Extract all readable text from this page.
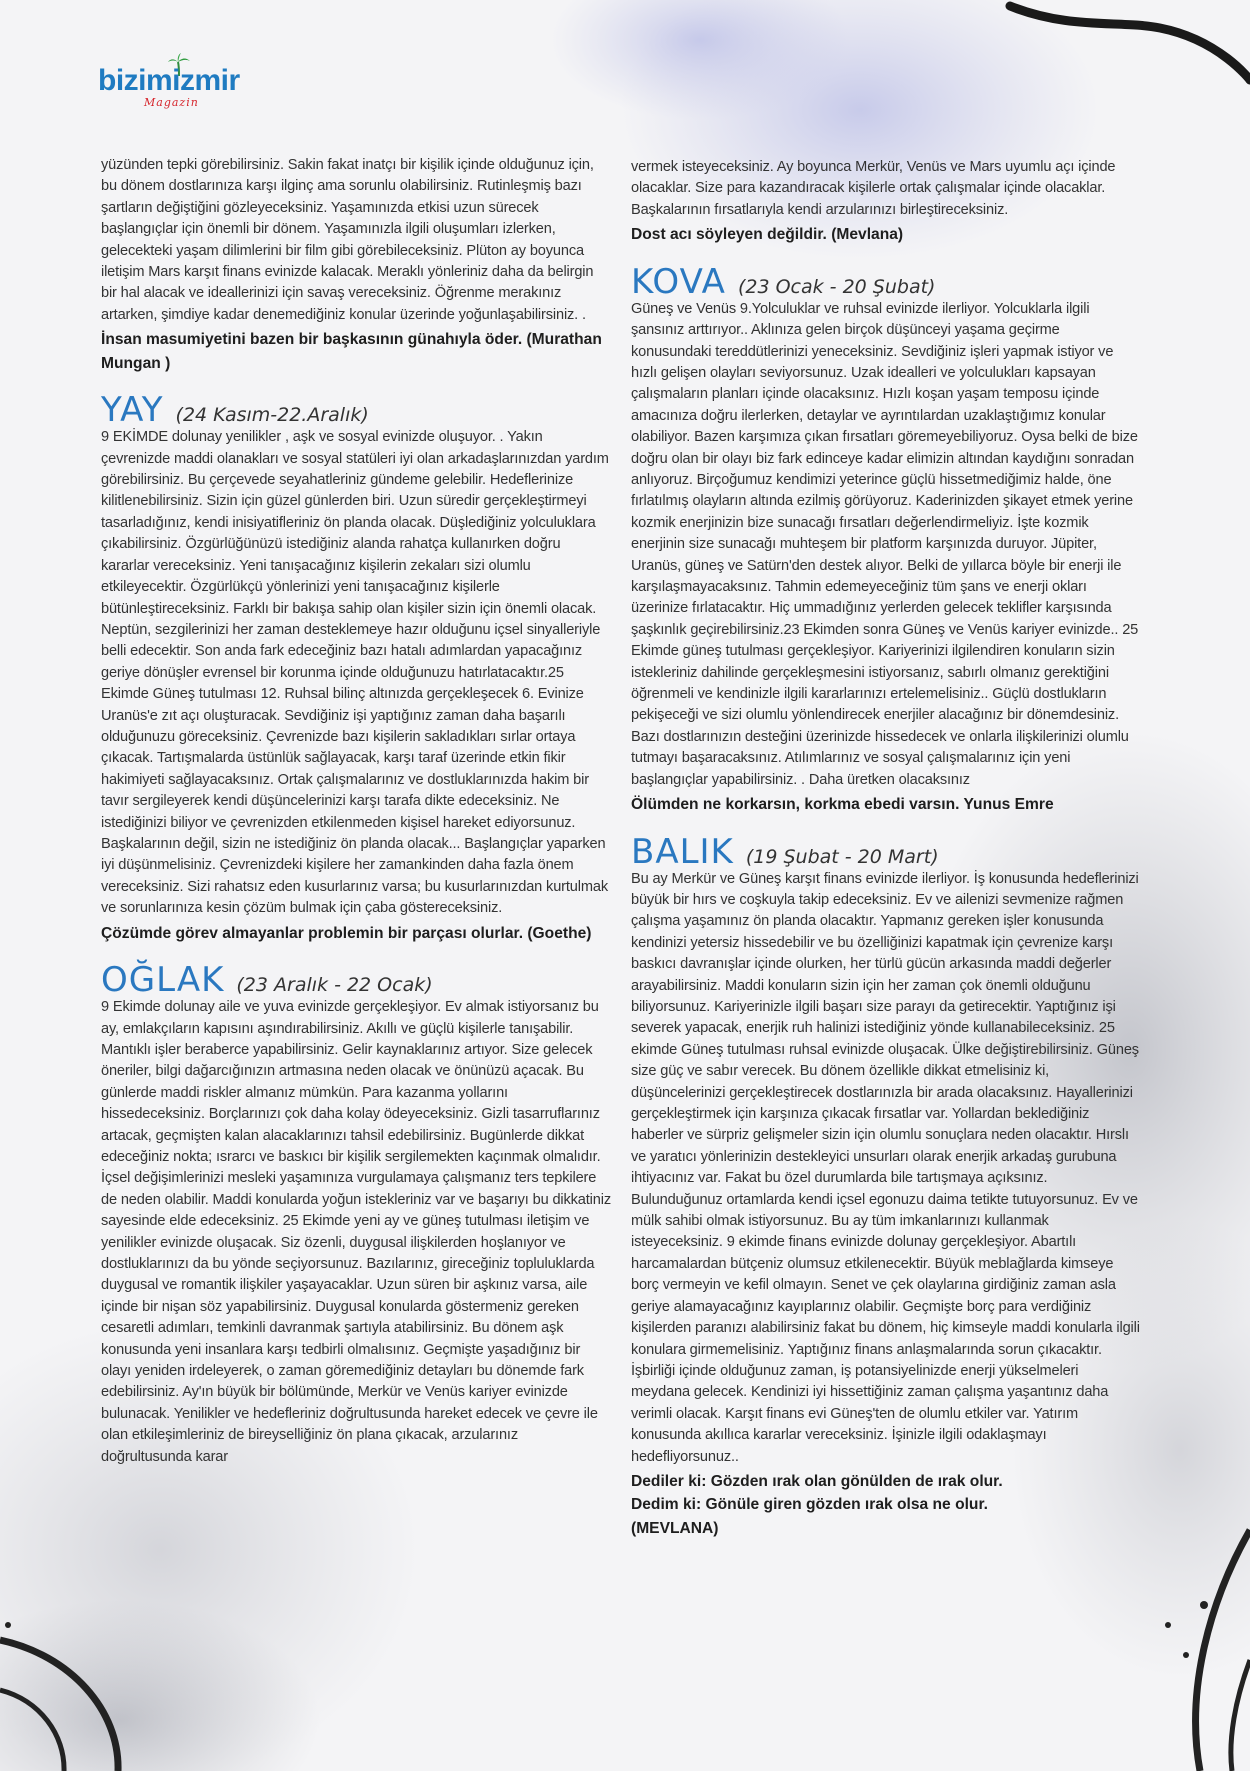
bizimizmir
Magazin

yüzünden tepki görebilirsiniz. Sakin fakat inatçı bir kişilik içinde olduğunuz için, bu dönem dostlarınıza karşı ilginç ama sorunlu olabilirsiniz. Rutinleşmiş bazı şartların değiştiğini gözleyeceksiniz. Yaşamınızda etkisi uzun sürecek başlangıçlar için önemli bir dönem. Yaşamınızla ilgili oluşumları izlerken, gelecekteki yaşam dilimlerini bir film gibi görebileceksiniz. Plüton ay boyunca iletişim Mars karşıt finans evinizde kalacak. Meraklı yönleriniz daha da belirgin bir hal alacak ve ideallerinizi için savaş vereceksiniz. Öğrenme merakınız artarken, şimdiye kadar denemediğiniz konular üzerinde yoğunlaşabilirsiniz. .

İnsan masumiyetini bazen bir başkasının günahıyla öder. (Murathan Mungan )

YAY (24 Kasım-22.Aralık)

9 EKİMDE dolunay yenilikler , aşk ve sosyal evinizde oluşuyor. . Yakın çevrenizde maddi olanakları ve sosyal statüleri iyi olan arkadaşlarınızdan yardım görebilirsiniz. Bu çerçevede seyahatleriniz gündeme gelebilir. Hedeflerinize kilitlenebilirsiniz. Sizin için güzel günlerden biri. Uzun süredir gerçekleştirmeyi tasarladığınız, kendi inisiyatifleriniz ön planda olacak. Düşlediğiniz yolculuklara çıkabilirsiniz. Özgürlüğünüzü istediğiniz alanda rahatça kullanırken doğru kararlar vereceksiniz. Yeni tanışacağınız kişilerin zekaları sizi olumlu etkileyecektir. Özgürlükçü yönlerinizi yeni tanışacağınız kişilerle bütünleştireceksiniz. Farklı bir bakışa sahip olan kişiler sizin için önemli olacak. Neptün, sezgilerinizi her zaman desteklemeye hazır olduğunu içsel sinyalleriyle belli edecektir. Son anda fark edeceğiniz bazı hatalı adımlardan yapacağınız geriye dönüşler evrensel bir korunma içinde olduğunuzu hatırlatacaktır.25 Ekimde Güneş tutulması 12. Ruhsal bilinç altınızda gerçekleşecek 6. Evinize Uranüs'e zıt açı oluşturacak. Sevdiğiniz işi yaptığınız zaman daha başarılı olduğunuzu göreceksiniz. Çevrenizde bazı kişilerin sakladıkları sırlar ortaya çıkacak. Tartışmalarda üstünlük sağlayacak, karşı taraf üzerinde etkin fikir hakimiyeti sağlayacaksınız. Ortak çalışmalarınız ve dostluklarınızda hakim bir tavır sergileyerek kendi düşüncelerinizi karşı tarafa dikte edeceksiniz. Ne istediğinizi biliyor ve çevrenizden etkilenmeden kişisel hareket ediyorsunuz. Başkalarının değil, sizin ne istediğiniz ön planda olacak... Başlangıçlar yaparken iyi düşünmelisiniz. Çevrenizdeki kişilere her zamankinden daha fazla önem vereceksiniz. Sizi rahatsız eden kusurlarınız varsa; bu kusurlarınızdan kurtulmak ve sorunlarınıza kesin çözüm bulmak için çaba göstereceksiniz.

Çözümde görev almayanlar problemin bir parçası olurlar. (Goethe)

OĞLAK (23 Aralık - 22 Ocak)

9 Ekimde dolunay aile ve yuva evinizde gerçekleşiyor. Ev almak istiyorsanız bu ay, emlakçıların kapısını aşındırabilirsiniz. Akıllı ve güçlü kişilerle tanışabilir. Mantıklı işler beraberce yapabilirsiniz. Gelir kaynaklarınız artıyor. Size gelecek öneriler, bilgi dağarcığınızın artmasına neden olacak ve önünüzü açacak. Bu günlerde maddi riskler almanız mümkün. Para kazanma yollarını hissedeceksiniz. Borçlarınızı çok daha kolay ödeyeceksiniz. Gizli tasarruflarınız artacak, geçmişten kalan alacaklarınızı tahsil edebilirsiniz. Bugünlerde dikkat edeceğiniz nokta; ısrarcı ve baskıcı bir kişilik sergilemekten kaçınmak olmalıdır. İçsel değişimlerinizi mesleki yaşamınıza vurgulamaya çalışmanız ters tepkilere de neden olabilir. Maddi konularda yoğun istekleriniz var ve başarıyı bu dikkatiniz sayesinde elde edeceksiniz. 25 Ekimde yeni ay ve güneş tutulması iletişim ve yenilikler evinizde oluşacak. Siz özenli, duygusal ilişkilerden hoşlanıyor ve dostluklarınızı da bu yönde seçiyorsunuz. Bazılarınız, gireceğiniz topluluklarda duygusal ve romantik ilişkiler yaşayacaklar. Uzun süren bir aşkınız varsa, aile içinde bir nişan söz yapabilirsiniz. Duygusal konularda göstermeniz gereken cesaretli adımları, temkinli davranmak şartıyla atabilirsiniz. Bu dönem aşk konusunda yeni insanlara karşı tedbirli olmalısınız. Geçmişte yaşadığınız bir olayı yeniden irdeleyerek, o zaman göremediğiniz detayları bu dönemde fark edebilirsiniz. Ay'ın büyük bir bölümünde, Merkür ve Venüs kariyer evinizde bulunacak. Yenilikler ve hedefleriniz doğrultusunda hareket edecek ve çevre ile olan etkileşimleriniz de bireyselliğiniz ön plana çıkacak, arzularınız doğrultusunda karar

vermek isteyeceksiniz. Ay boyunca Merkür, Venüs ve Mars uyumlu açı içinde olacaklar. Size para kazandıracak kişilerle ortak çalışmalar içinde olacaklar. Başkalarının fırsatlarıyla kendi arzularınızı birleştireceksiniz.

Dost acı söyleyen değildir. (Mevlana)

KOVA (23 Ocak - 20 Şubat)

Güneş ve Venüs 9.Yolculuklar ve ruhsal evinizde ilerliyor. Yolcuklarla ilgili şansınız arttırıyor.. Aklınıza gelen birçok düşünceyi yaşama geçirme konusundaki tereddütlerinizi yeneceksiniz. Sevdiğiniz işleri yapmak istiyor ve hızlı gelişen olayları seviyorsunuz. Uzak idealleri ve yolculukları kapsayan çalışmaların planları içinde olacaksınız. Hızlı koşan yaşam temposu içinde amacınıza doğru ilerlerken, detaylar ve ayrıntılardan uzaklaştığımız konular olabiliyor. Bazen karşımıza çıkan fırsatları göremeyebiliyoruz. Oysa belki de bize doğru olan bir olayı biz fark edinceye kadar elimizin altından kaydığını sonradan anlıyoruz. Birçoğumuz kendimizi yeterince güçlü hissetmediğimiz halde, öne fırlatılmış olayların altında ezilmiş görüyoruz. Kaderinizden şikayet etmek yerine kozmik enerjinizin bize sunacağı fırsatları değerlendirmeliyiz. İşte kozmik enerjinin size sunacağı muhteşem bir platform karşınızda duruyor. Jüpiter, Uranüs, güneş ve Satürn'den destek alıyor. Belki de yıllarca böyle bir enerji ile karşılaşmayacaksınız. Tahmin edemeyeceğiniz tüm şans ve enerji okları üzerinize fırlatacaktır. Hiç ummadığınız yerlerden gelecek teklifler karşısında şaşkınlık geçirebilirsiniz.23 Ekimden sonra Güneş ve Venüs kariyer evinizde.. 25 Ekimde güneş tutulması gerçekleşiyor. Kariyerinizi ilgilendiren konuların sizin istekleriniz dahilinde gerçekleşmesini istiyorsanız, sabırlı olmanız gerektiğini öğrenmeli ve kendinizle ilgili kararlarınızı ertelemelisiniz.. Güçlü dostlukların pekişeceği ve sizi olumlu yönlendirecek enerjiler alacağınız bir dönemdesiniz. Bazı dostlarınızın desteğini üzerinizde hissedecek ve onlarla ilişkilerinizi olumlu tutmayı başaracaksınız. Atılımlarınız ve sosyal çalışmalarınız için yeni başlangıçlar yapabilirsiniz. . Daha üretken olacaksınız

Ölümden ne korkarsın, korkma ebedi varsın. Yunus Emre

BALIK (19 Şubat - 20 Mart)

Bu ay Merkür ve Güneş karşıt finans evinizde ilerliyor. İş konusunda hedeflerinizi büyük bir hırs ve coşkuyla takip edeceksiniz. Ev ve ailenizi sevmenize rağmen çalışma yaşamınız ön planda olacaktır. Yapmanız gereken işler konusunda kendinizi yetersiz hissedebilir ve bu özelliğinizi kapatmak için çevrenize karşı baskıcı davranışlar içinde olurken, her türlü gücün arkasında maddi değerler arayabilirsiniz. Maddi konuların sizin için her zaman çok önemli olduğunu biliyorsunuz. Kariyerinizle ilgili başarı size parayı da getirecektir. Yaptığınız işi severek yapacak, enerjik ruh halinizi istediğiniz yönde kullanabileceksiniz. 25 ekimde Güneş tutulması ruhsal evinizde oluşacak. Ülke değiştirebilirsiniz. Güneş size güç ve sabır verecek. Bu dönem özellikle dikkat etmelisiniz ki, düşüncelerinizi gerçekleştirecek dostlarınızla bir arada olacaksınız. Hayallerinizi gerçekleştirmek için karşınıza çıkacak fırsatlar var. Yollardan beklediğiniz haberler ve sürpriz gelişmeler sizin için olumlu sonuçlara neden olacaktır. Hırslı ve yaratıcı yönlerinizin destekleyici unsurları olarak enerjik arkadaş gurubuna ihtiyacınız var. Fakat bu özel durumlarda bile tartışmaya açıksınız. Bulunduğunuz ortamlarda kendi içsel egonuzu daima tetikte tutuyorsunuz. Ev ve mülk sahibi olmak istiyorsunuz. Bu ay tüm imkanlarınızı kullanmak isteyeceksiniz. 9 ekimde finans evinizde dolunay gerçekleşiyor. Abartılı harcamalardan bütçeniz olumsuz etkilenecektir. Büyük meblağlarda kimseye borç vermeyin ve kefil olmayın. Senet ve çek olaylarına girdiğiniz zaman asla geriye alamayacağınız kayıplarınız olabilir. Geçmişte borç para verdiğiniz kişilerden paranızı alabilirsiniz fakat bu dönem, hiç kimseyle maddi konularla ilgili konulara girmemelisiniz. Yaptığınız finans anlaşmalarında sorun çıkacaktır. İşbirliği içinde olduğunuz zaman, iş potansiyelinizde enerji yükselmeleri meydana gelecek. Kendinizi iyi hissettiğiniz zaman çalışma yaşantınız daha verimli olacak. Karşıt finans evi Güneş'ten de olumlu etkiler var. Yatırım konusunda akıllıca kararlar vereceksiniz. İşinizle ilgili odaklaşmayı hedefliyorsunuz..

Dediler ki: Gözden ırak olan gönülden de ırak olur.

Dedim ki: Gönüle giren gözden ırak olsa ne olur.

(MEVLANA)
